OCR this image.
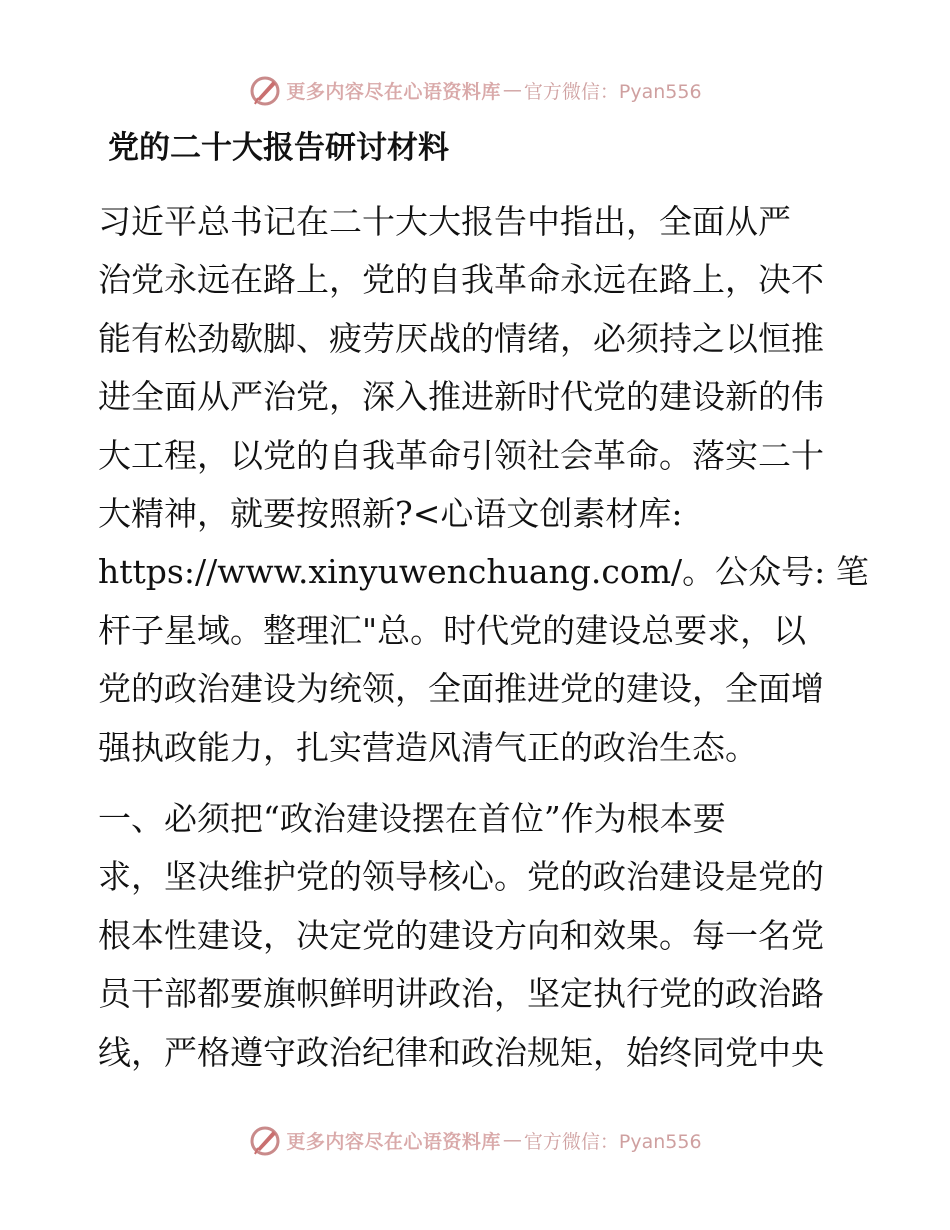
更多内容尽在心语资料库 — 官方微信：Pyan556
党的二十大报告研讨材料
习近平总书记在二十大大报告中指出，全面从严
治党永远在路上，党的自我革命永远在路上，决不
能有松劲歇脚、疲劳厌战的情绪，必须持之以恒推
进全面从严治党，深入推进新时代党的建设新的伟
大工程，以党的自我革命引领社会革命。落实二十
大精神，就要按照新?<心语文创素材库:
https://www.xinyuwenchuang.com/。公众号: 笔
杆子星域。整理汇"总。时代党的建设总要求，以
党的政治建设为统领，全面推进党的建设，全面增
强执政能力，扎实营造风清气正的政治生态。
一、必须把“政治建设摆在首位”作为根本要
求，坚决维护党的领导核心。党的政治建设是党的
根本性建设，决定党的建设方向和效果。每一名党
员干部都要旗帜鲜明讲政治，坚定执行党的政治路
线，严格遵守政治纪律和政治规矩，始终同党中央
更多内容尽在心语资料库 — 官方微信：Pyan556
